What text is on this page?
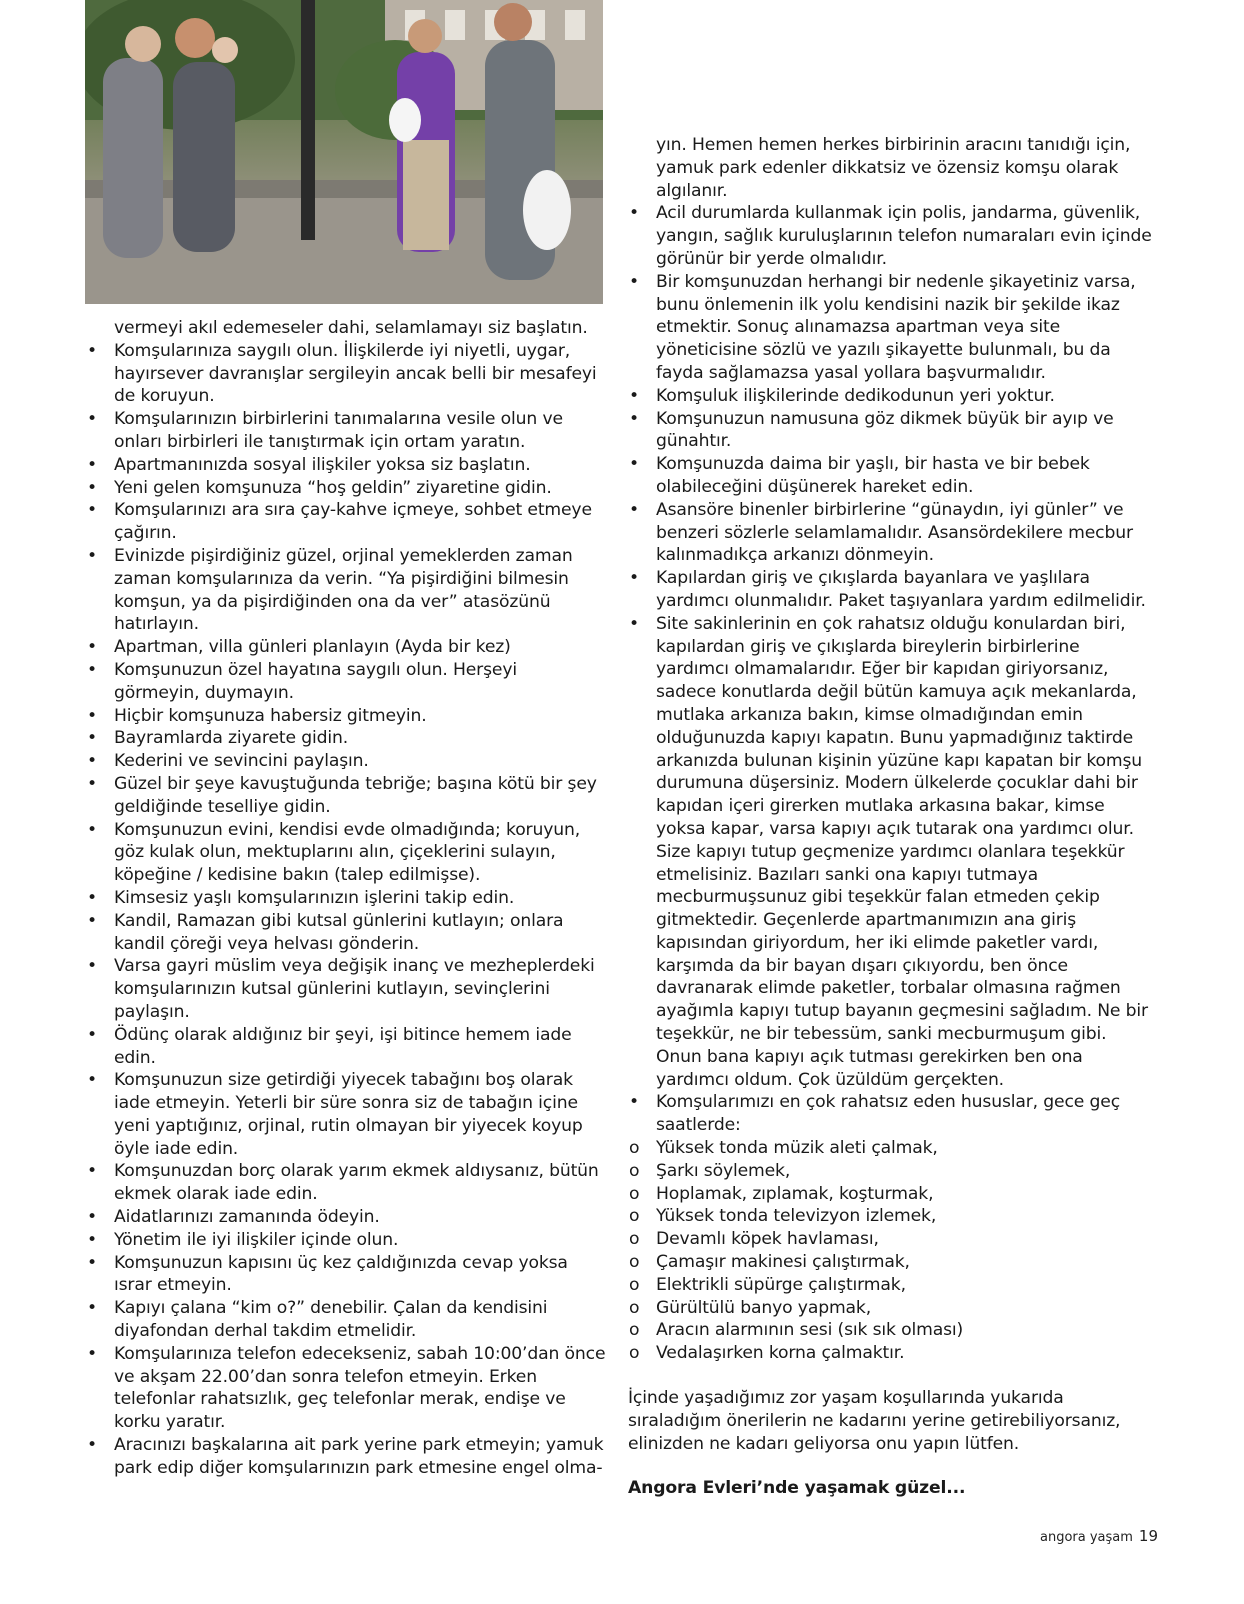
vermeyi akıl edemeseler dahi, selamlamayı siz başlatın.

• Komşularınıza saygılı olun. İlişkilerde iyi niyetli, uygar, hayırsever davranışlar sergileyin ancak belli bir mesafeyi de koruyun.
• Komşularınızın birbirlerini tanımalarına vesile olun ve onları birbirleri ile tanıştırmak için ortam yaratın.
• Apartmanınızda sosyal ilişkiler yoksa siz başlatın.
• Yeni gelen komşunuza “hoş geldin” ziyaretine gidin.
• Komşularınızı ara sıra çay-kahve içmeye, sohbet etmeye çağırın.
• Evinizde pişirdiğiniz güzel, orjinal yemeklerden zaman zaman komşularınıza da verin. “Ya pişirdiğini bilmesin komşun, ya da pişirdiğinden ona da ver” atasözünü hatırlayın.
• Apartman, villa günleri planlayın (Ayda bir kez)
• Komşunuzun özel hayatına saygılı olun. Herşeyi görmeyin, duymayın.
• Hiçbir komşunuza habersiz gitmeyin.
• Bayramlarda ziyarete gidin.
• Kederini ve sevincini paylaşın.
• Güzel bir şeye kavuştuğunda tebriğe; başına kötü bir şey geldiğinde teselliye gidin.
• Komşunuzun evini, kendisi evde olmadığında; koruyun, göz kulak olun, mektuplarını alın, çiçeklerini sulayın, köpeğine / kedisine bakın (talep edilmişse).
• Kimsesiz yaşlı komşularınızın işlerini takip edin.
• Kandil, Ramazan gibi kutsal günlerini kutlayın; onlara kandil çöreği veya helvası gönderin.
• Varsa gayri müslim veya değişik inanç ve mezheplerdeki komşularınızın kutsal günlerini kutlayın, sevinçlerini paylaşın.
• Ödünç olarak aldığınız bir şeyi, işi bitince hemem iade edin.
• Komşunuzun size getirdiği yiyecek tabağını boş olarak iade etmeyin. Yeterli bir süre sonra siz de tabağın içine yeni yaptığınız, orjinal, rutin olmayan bir yiyecek koyup öyle iade edin.
• Komşunuzdan borç olarak yarım ekmek aldıysanız, bütün ekmek olarak iade edin.
• Aidatlarınızı zamanında ödeyin.
• Yönetim ile iyi ilişkiler içinde olun.
• Komşunuzun kapısını üç kez çaldığınızda cevap yoksa ısrar etmeyin.
• Kapıyı çalana “kim o?” denebilir. Çalan da kendisini diyafondan derhal takdim etmelidir.
• Komşularınıza telefon edecekseniz, sabah 10:00’dan önce ve akşam 22.00’dan sonra telefon etmeyin. Erken telefonlar rahatsızlık, geç telefonlar merak, endişe ve korku yaratır.
• Aracınızı başkalarına ait park yerine park etmeyin; yamuk park edip diğer komşularınızın park etmesine engel olma-

yın. Hemen hemen herkes birbirinin aracını tanıdığı için, yamuk park edenler dikkatsiz ve özensiz komşu olarak algılanır.

• Acil durumlarda kullanmak için polis, jandarma, güvenlik, yangın, sağlık kuruluşlarının telefon numaraları evin içinde görünür bir yerde olmalıdır.
• Bir komşunuzdan herhangi bir nedenle şikayetiniz varsa, bunu önlemenin ilk yolu kendisini nazik bir şekilde ikaz etmektir. Sonuç alınamazsa apartman veya site yöneticisine sözlü ve yazılı şikayette bulunmalı, bu da fayda sağlamazsa yasal yollara başvurmalıdır.
• Komşuluk ilişkilerinde dedikodunun yeri yoktur.
• Komşunuzun namusuna göz dikmek büyük bir ayıp ve günahtır.
• Komşunuzda daima bir yaşlı, bir hasta ve bir bebek olabileceğini düşünerek hareket edin.
• Asansöre binenler birbirlerine “günaydın, iyi günler” ve benzeri sözlerle selamlamalıdır. Asansördekilere mecbur kalınmadıkça arkanızı dönmeyin.
• Kapılardan giriş ve çıkışlarda bayanlara ve yaşlılara yardımcı olunmalıdır. Paket taşıyanlara yardım edilmelidir.
• Site sakinlerinin en çok rahatsız olduğu konulardan biri, kapılardan giriş ve çıkışlarda bireylerin birbirlerine yardımcı olmamalarıdır. Eğer bir kapıdan giriyorsanız, sadece konutlarda değil bütün kamuya açık mekanlarda, mutlaka arkanıza bakın, kimse olmadığından emin olduğunuzda kapıyı kapatın. Bunu yapmadığınız taktirde arkanızda bulunan kişinin yüzüne kapı kapatan bir komşu durumuna düşersiniz. Modern ülkelerde çocuklar dahi bir kapıdan içeri girerken mutlaka arkasına bakar, kimse yoksa kapar, varsa kapıyı açık tutarak ona yardımcı olur. Size kapıyı tutup geçmenize yardımcı olanlara teşekkür etmelisiniz. Bazıları sanki ona kapıyı tutmaya mecburmuşsunuz gibi teşekkür falan etmeden çekip gitmektedir. Geçenlerde apartmanımızın ana giriş kapısından giriyordum, her iki elimde paketler vardı, karşımda da bir bayan dışarı çıkıyordu, ben önce davranarak elimde paketler, torbalar olmasına rağmen ayağımla kapıyı tutup bayanın geçmesini sağladım. Ne bir teşekkür, ne bir tebessüm, sanki mecburmuşum gibi. Onun bana kapıyı açık tutması gerekirken ben ona yardımcı oldum. Çok üzüldüm gerçekten.
• Komşularımızı en çok rahatsız eden hususlar, gece geç saatlerde:
o Yüksek tonda müzik aleti çalmak,
o Şarkı söylemek,
o Hoplamak, zıplamak, koşturmak,
o Yüksek tonda televizyon izlemek,
o Devamlı köpek havlaması,
o Çamaşır makinesi çalıştırmak,
o Elektrikli süpürge çalıştırmak,
o Gürültülü banyo yapmak,
o Aracın alarmının sesi (sık sık olması)
o Vedalaşırken korna çalmaktır.

İçinde yaşadığımız zor yaşam koşullarında yukarıda sıraladığım önerilerin ne kadarını yerine getirebiliyorsanız, elinizden ne kadarı geliyorsa onu yapın lütfen.

Angora Evleri’nde yaşamak güzel...

angora yaşam 19
